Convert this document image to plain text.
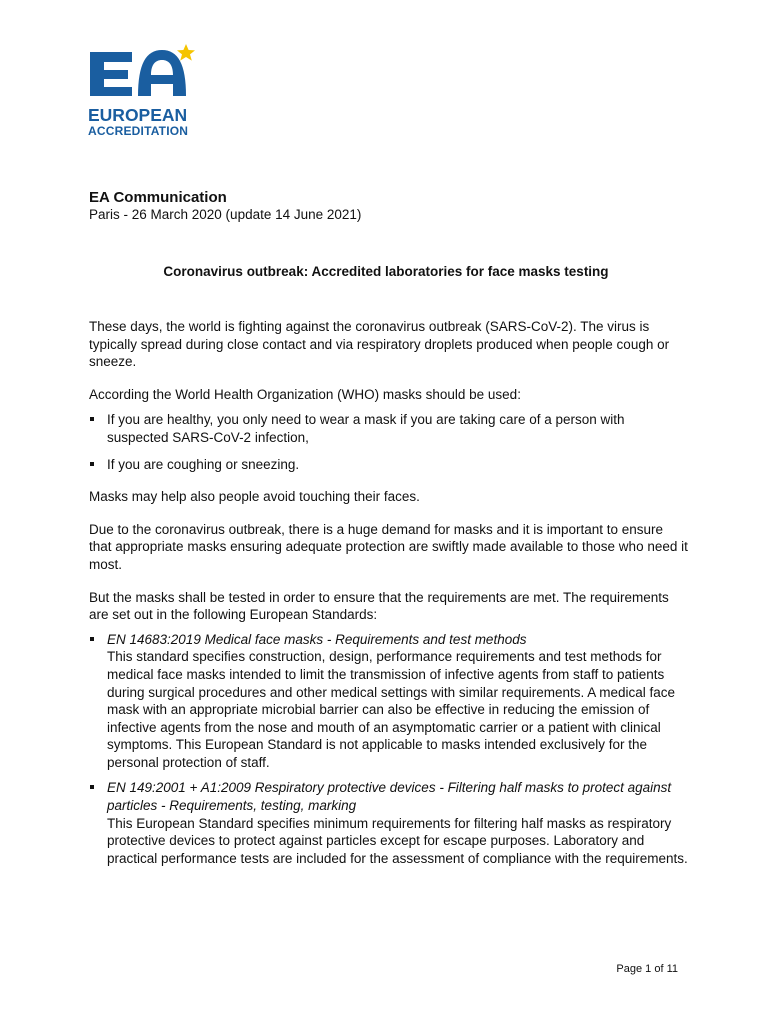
EUROPEAN
ACCREDITATION
EA Communication
Paris - 26 March 2020 (update 14 June 2021)
Coronavirus outbreak: Accredited laboratories for face masks testing

These days, the world is fighting against the coronavirus outbreak (SARS-CoV-2). The virus is typically spread during close contact and via respiratory droplets produced when people cough or sneeze.

According the World Health Organization (WHO) masks should be used:

If you are healthy, you only need to wear a mask if you are taking care of a person with suspected SARS-CoV-2 infection,
If you are coughing or sneezing.

Masks may help also people avoid touching their faces.

Due to the coronavirus outbreak, there is a huge demand for masks and it is important to ensure that appropriate masks ensuring adequate protection are swiftly made available to those who need it most.

But the masks shall be tested in order to ensure that the requirements are met. The requirements are set out in the following European Standards:

EN 14683:2019 Medical face masks - Requirements and test methods
This standard specifies construction, design, performance requirements and test methods for medical face masks intended to limit the transmission of infective agents from staff to patients during surgical procedures and other medical settings with similar requirements. A medical face mask with an appropriate microbial barrier can also be effective in reducing the emission of infective agents from the nose and mouth of an asymptomatic carrier or a patient with clinical symptoms. This European Standard is not applicable to masks intended exclusively for the personal protection of staff.
EN 149:2001 + A1:2009 Respiratory protective devices - Filtering half masks to protect against particles - Requirements, testing, marking
This European Standard specifies minimum requirements for filtering half masks as respiratory protective devices to protect against particles except for escape purposes. Laboratory and practical performance tests are included for the assessment of compliance with the requirements.
Page 1 of 11
